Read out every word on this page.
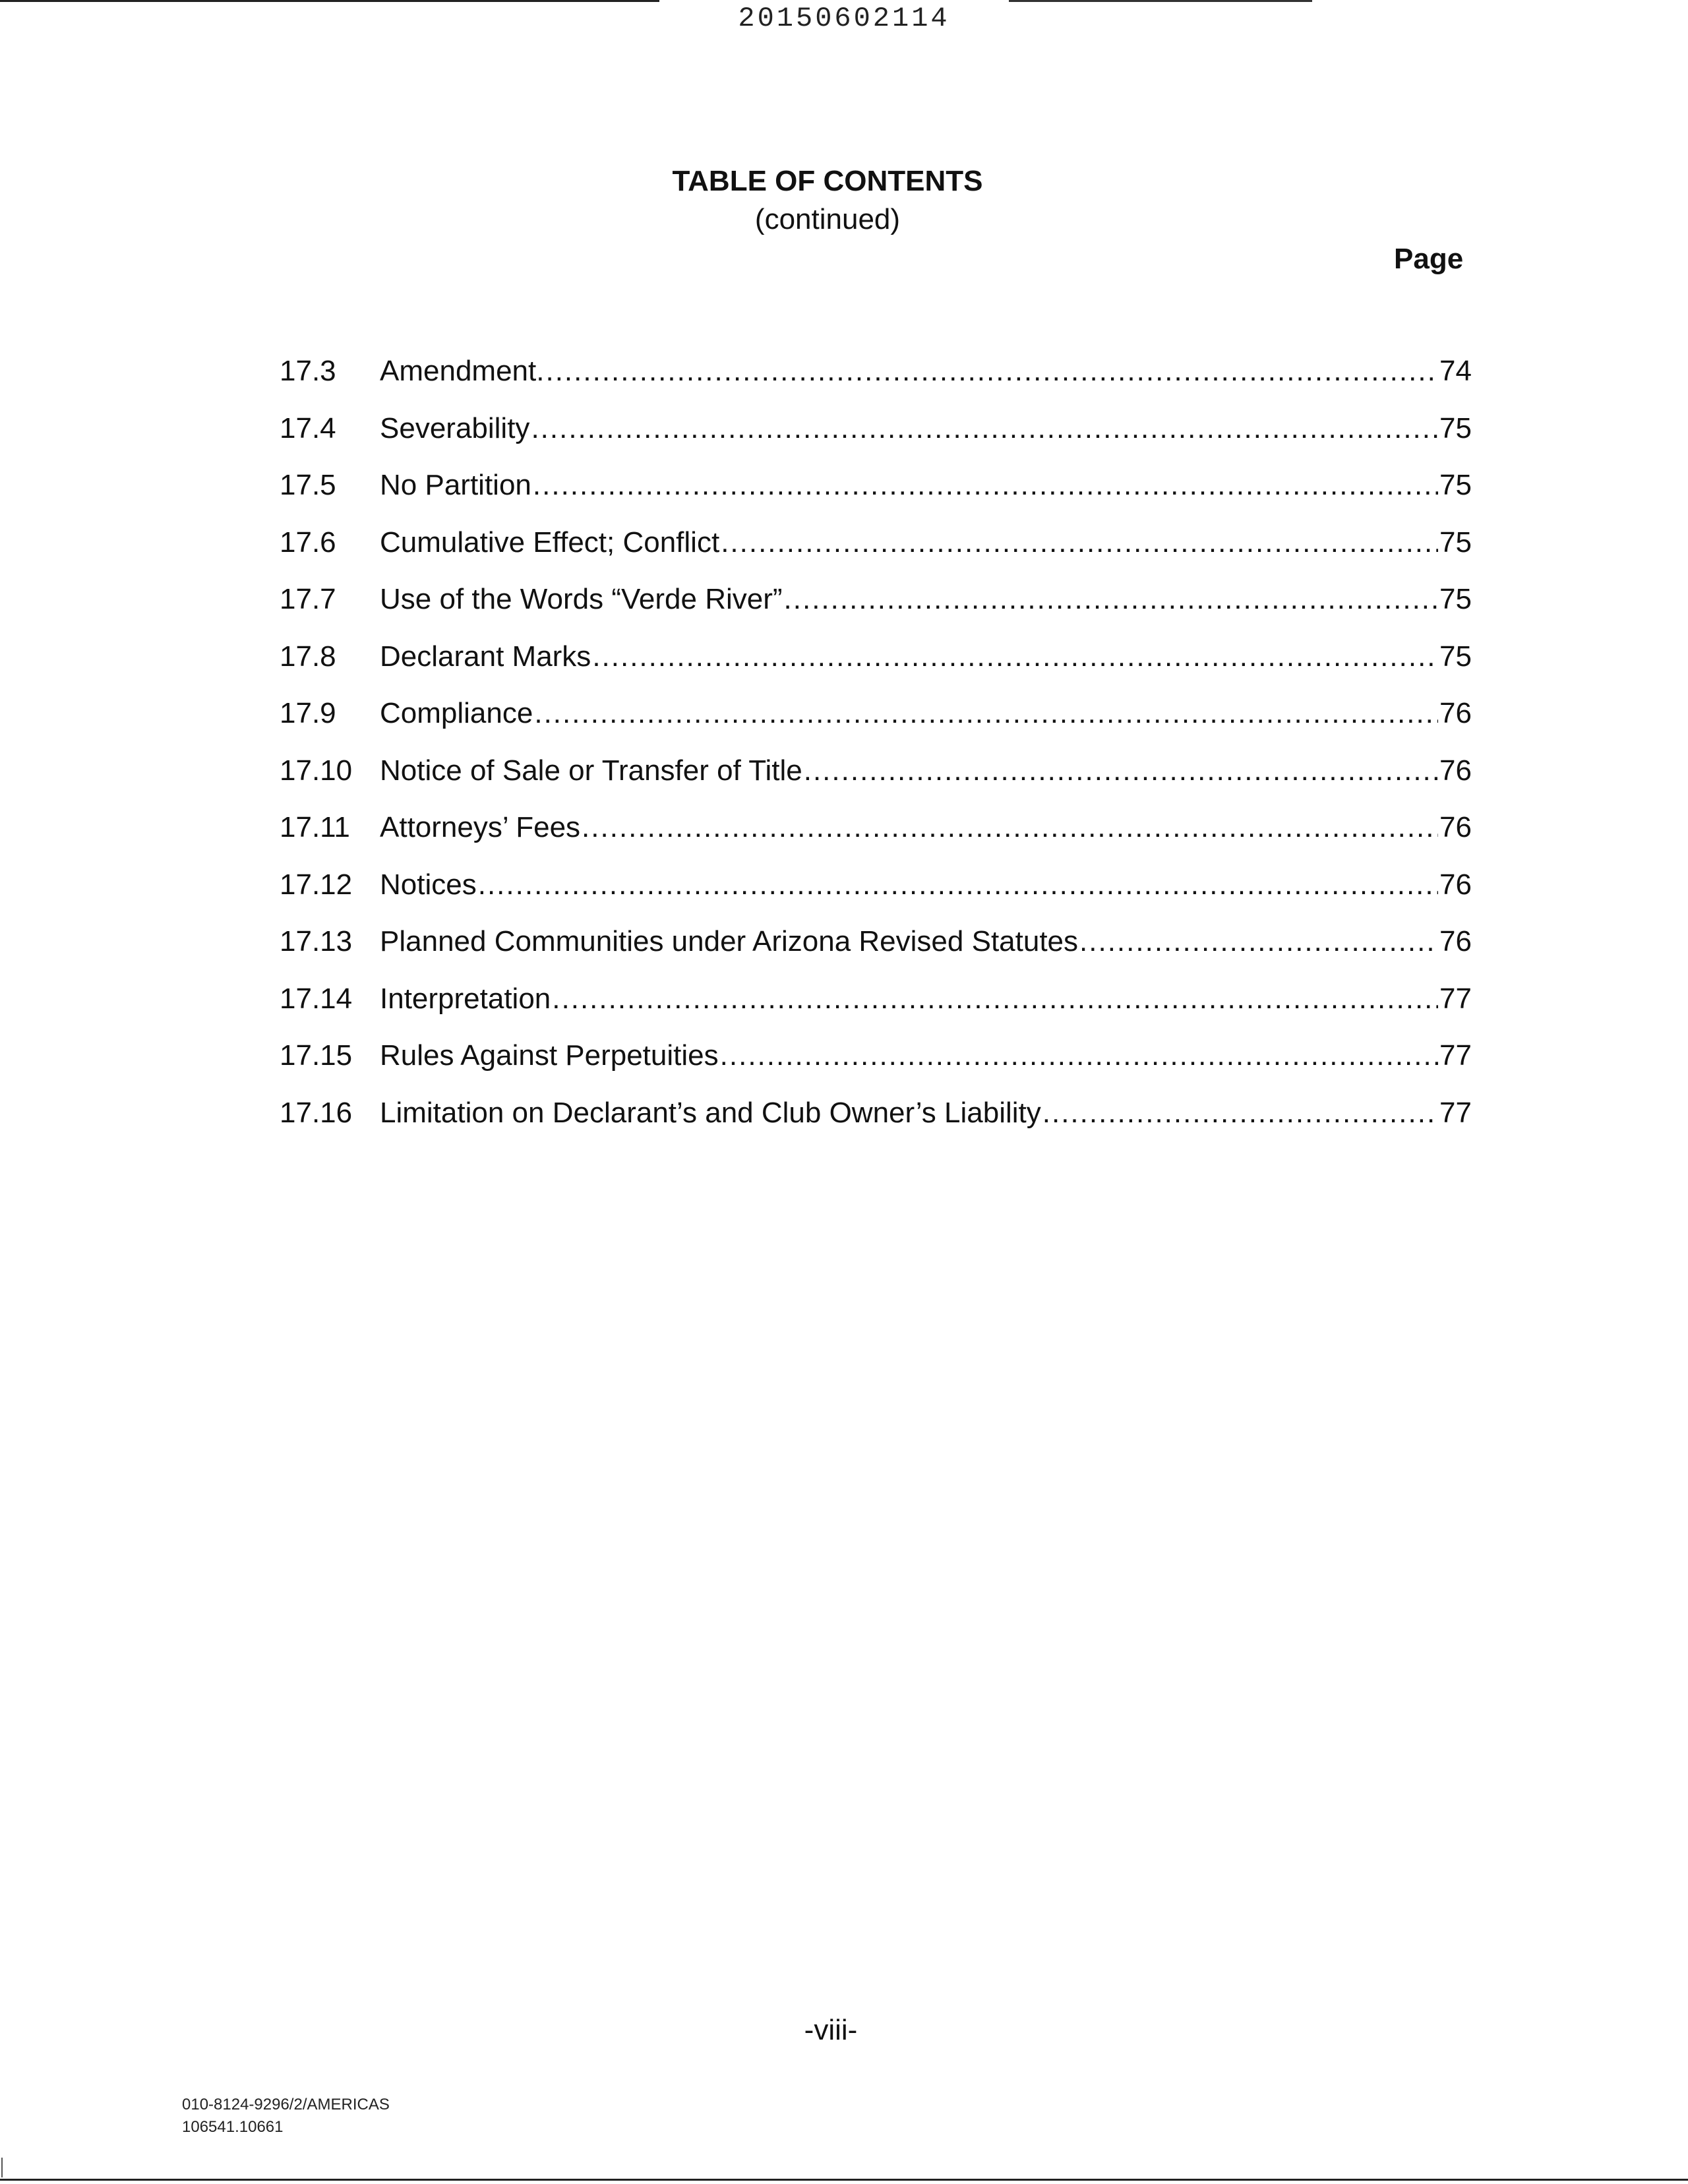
20150602114
TABLE OF CONTENTS
(continued)
Page
17.3	Amendment. .....	74
17.4	Severability .....	75
17.5	No Partition .....	75
17.6	Cumulative Effect; Conflict .....	75
17.7	Use of the Words “Verde River” .....	75
17.8	Declarant Marks .....	75
17.9	Compliance .....	76
17.10 Notice of Sale or Transfer of Title .....	76
17.11	Attorneys’ Fees .....	76
17.12 Notices .....	76
17.13 Planned Communities under Arizona Revised Statutes .....	76
17.14 Interpretation .....	77
17.15 Rules Against Perpetuities .....	77
17.16 Limitation on Declarant’s and Club Owner’s Liability .....	77
-viii-
010-8124-9296/2/AMERICAS
106541.10661
